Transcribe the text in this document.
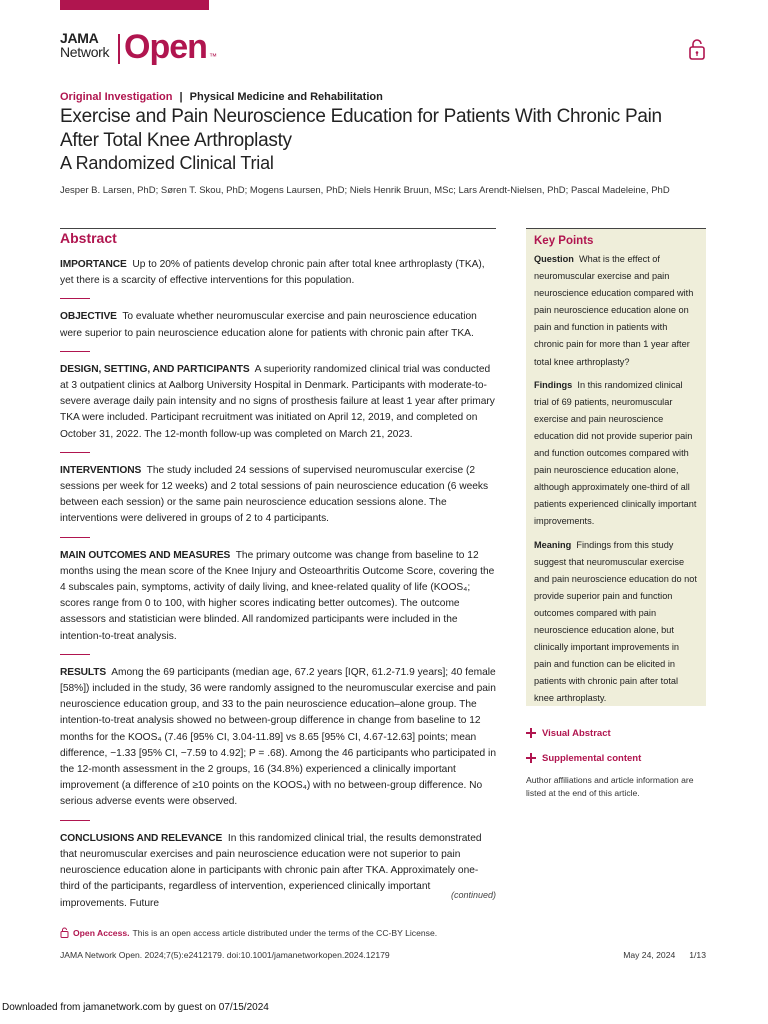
JAMA
Network Open ™
Original Investigation | Physical Medicine and Rehabilitation
Exercise and Pain Neuroscience Education for Patients With Chronic Pain After Total Knee Arthroplasty
A Randomized Clinical Trial
Jesper B. Larsen, PhD; Søren T. Skou, PhD; Mogens Laursen, PhD; Niels Henrik Bruun, MSc; Lars Arendt-Nielsen, PhD; Pascal Madeleine, PhD
Abstract

IMPORTANCE Up to 20% of patients develop chronic pain after total knee arthroplasty (TKA), yet there is a scarcity of effective interventions for this population.

OBJECTIVE To evaluate whether neuromuscular exercise and pain neuroscience education were superior to pain neuroscience education alone for patients with chronic pain after TKA.

DESIGN, SETTING, AND PARTICIPANTS A superiority randomized clinical trial was conducted at 3 outpatient clinics at Aalborg University Hospital in Denmark. Participants with moderate-to-severe average daily pain intensity and no signs of prosthesis failure at least 1 year after primary TKA were included. Participant recruitment was initiated on April 12, 2019, and completed on October 31, 2022. The 12-month follow-up was completed on March 21, 2023.

INTERVENTIONS The study included 24 sessions of supervised neuromuscular exercise (2 sessions per week for 12 weeks) and 2 total sessions of pain neuroscience education (6 weeks between each session) or the same pain neuroscience education sessions alone. The interventions were delivered in groups of 2 to 4 participants.

MAIN OUTCOMES AND MEASURES The primary outcome was change from baseline to 12 months using the mean score of the Knee Injury and Osteoarthritis Outcome Score, covering the 4 subscales pain, symptoms, activity of daily living, and knee-related quality of life (KOOS₄; scores range from 0 to 100, with higher scores indicating better outcomes). The outcome assessors and statistician were blinded. All randomized participants were included in the intention-to-treat analysis.

RESULTS Among the 69 participants (median age, 67.2 years [IQR, 61.2-71.9 years]; 40 female [58%]) included in the study, 36 were randomly assigned to the neuromuscular exercise and pain neuroscience education group, and 33 to the pain neuroscience education–alone group. The intention-to-treat analysis showed no between-group difference in change from baseline to 12 months for the KOOS₄ (7.46 [95% CI, 3.04-11.89] vs 8.65 [95% CI, 4.67-12.63] points; mean difference, −1.33 [95% CI, −7.59 to 4.92]; P = .68). Among the 46 participants who participated in the 12-month assessment in the 2 groups, 16 (34.8%) experienced a clinically important improvement (a difference of ≥10 points on the KOOS₄) with no between-group difference. No serious adverse events were observed.

CONCLUSIONS AND RELEVANCE In this randomized clinical trial, the results demonstrated that neuromuscular exercises and pain neuroscience education were not superior to pain neuroscience education alone in participants with chronic pain after TKA. Approximately one-third of the participants, regardless of intervention, experienced clinically important improvements. Future

(continued)
Key Points

Question What is the effect of neuromuscular exercise and pain neuroscience education compared with pain neuroscience education alone on pain and function in patients with chronic pain for more than 1 year after total knee arthroplasty?

Findings In this randomized clinical trial of 69 patients, neuromuscular exercise and pain neuroscience education did not provide superior pain and function outcomes compared with pain neuroscience education alone, although approximately one-third of all patients experienced clinically important improvements.

Meaning Findings from this study suggest that neuromuscular exercise and pain neuroscience education do not provide superior pain and function outcomes compared with pain neuroscience education alone, but clinically important improvements in pain and function can be elicited in patients with chronic pain after total knee arthroplasty.

Visual Abstract
Supplemental content
Author affiliations and article information are listed at the end of this article.
Open Access. This is an open access article distributed under the terms of the CC-BY License.
JAMA Network Open. 2024;7(5):e2412179. doi:10.1001/jamanetworkopen.2024.12179	May 24, 2024 1/13
Downloaded from jamanetwork.com by guest on 07/15/2024
